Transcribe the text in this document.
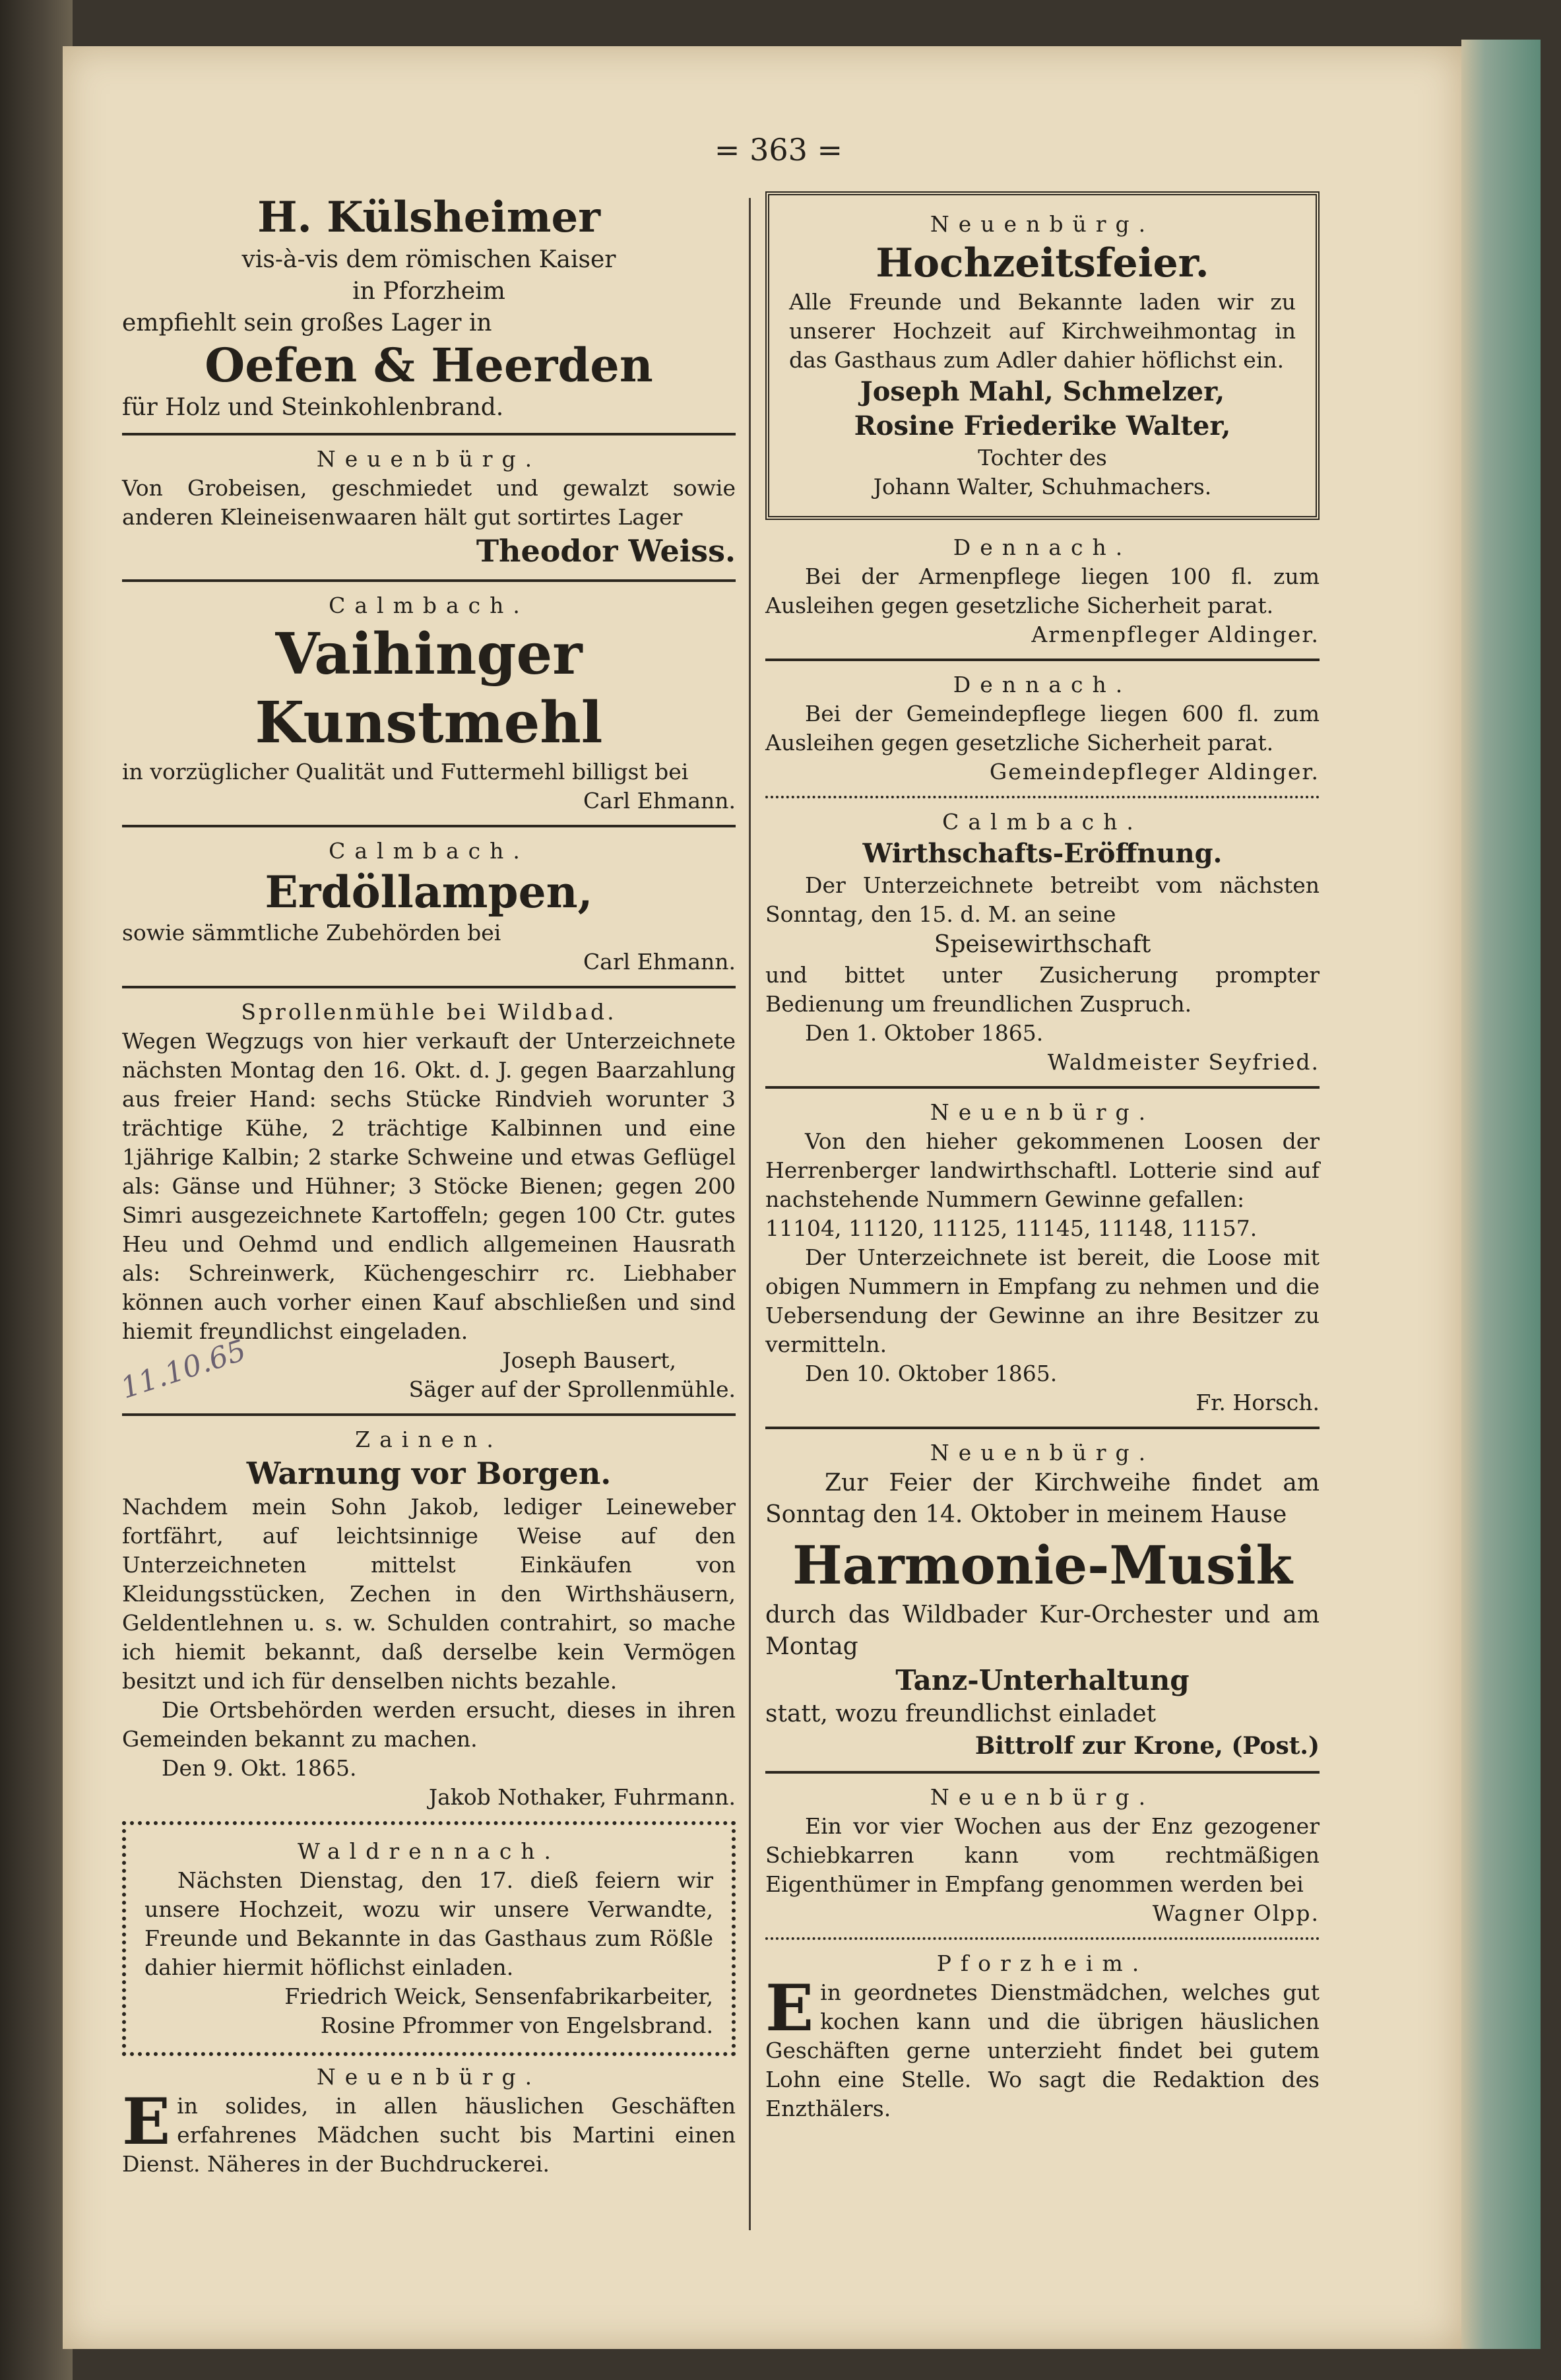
= 363 =
11.10.65

H. Külsheimer

vis-à-vis dem römischen Kaiser

in Pforzheim

empfiehlt sein großes Lager in

Oefen & Heerden

für Holz und Steinkohlenbrand.

Neuenbürg.

Von Grobeisen, geschmiedet und gewalzt sowie anderen Kleineisenwaaren hält gut sortirtes Lager

Theodor Weiss.

Calmbach.

Vaihinger Kunstmehl

in vorzüglicher Qualität und Futtermehl billigst bei

Carl Ehmann.

Calmbach.

Erdöllampen,

sowie sämmtliche Zubehörden bei

Carl Ehmann.

Sprollenmühle bei Wildbad.

Wegen Wegzugs von hier verkauft der Unterzeichnete nächsten Montag den 16. Okt. d. J. gegen Baarzahlung aus freier Hand: sechs Stücke Rindvieh worunter 3 trächtige Kühe, 2 trächtige Kalbinnen und eine 1jährige Kalbin; 2 starke Schweine und etwas Geflügel als: Gänse und Hühner; 3 Stöcke Bienen; gegen 200 Simri ausgezeichnete Kartoffeln; gegen 100 Ctr. gutes Heu und Oehmd und endlich allgemeinen Hausrath als: Schreinwerk, Küchengeschirr rc. Liebhaber können auch vorher einen Kauf abschließen und sind hiemit freundlichst eingeladen.

Joseph Bausert,

Säger auf der Sprollenmühle.

Zainen.

Warnung vor Borgen.

Nachdem mein Sohn Jakob, lediger Leineweber fortfährt, auf leichtsinnige Weise auf den Unterzeichneten mittelst Einkäufen von Kleidungsstücken, Zechen in den Wirthshäusern, Geldentlehnen u. s. w. Schulden contrahirt, so mache ich hiemit bekannt, daß derselbe kein Vermögen besitzt und ich für denselben nichts bezahle.

Die Ortsbehörden werden ersucht, dieses in ihren Gemeinden bekannt zu machen.

Den 9. Okt. 1865.

Jakob Nothaker, Fuhrmann.

Waldrennach.

Nächsten Dienstag, den 17. dieß feiern wir unsere Hochzeit, wozu wir unsere Verwandte, Freunde und Bekannte in das Gasthaus zum Rößle dahier hiermit höflichst einladen.

Friedrich Weick, Sensenfabrikarbeiter,

Rosine Pfrommer von Engelsbrand.

Neuenbürg.

Ein solides, in allen häuslichen Geschäften erfahrenes Mädchen sucht bis Martini einen Dienst. Näheres in der Buchdruckerei.

Neuenbürg.

Hochzeitsfeier.

Alle Freunde und Bekannte laden wir zu unserer Hochzeit auf Kirchweihmontag in das Gasthaus zum Adler dahier höflichst ein.

Joseph Mahl, Schmelzer,

Rosine Friederike Walter,

Tochter des

Johann Walter, Schuhmachers.

Dennach.

Bei der Armenpflege liegen 100 fl. zum Ausleihen gegen gesetzliche Sicherheit parat.

Armenpfleger Aldinger.

Dennach.

Bei der Gemeindepflege liegen 600 fl. zum Ausleihen gegen gesetzliche Sicherheit parat.

Gemeindepfleger Aldinger.

Calmbach.

Wirthschafts-Eröffnung.

Der Unterzeichnete betreibt vom nächsten Sonntag, den 15. d. M. an seine

Speisewirthschaft

und bittet unter Zusicherung prompter Bedienung um freundlichen Zuspruch.

Den 1. Oktober 1865.

Waldmeister Seyfried.

Neuenbürg.

Von den hieher gekommenen Loosen der Herrenberger landwirthschaftl. Lotterie sind auf nachstehende Nummern Gewinne gefallen:

11104, 11120, 11125, 11145, 11148, 11157.

Der Unterzeichnete ist bereit, die Loose mit obigen Nummern in Empfang zu nehmen und die Uebersendung der Gewinne an ihre Besitzer zu vermitteln.

Den 10. Oktober 1865.

Fr. Horsch.

Neuenbürg.

Zur Feier der Kirchweihe findet am Sonntag den 14. Oktober in meinem Hause

Harmonie-Musik

durch das Wildbader Kur-Orchester und am Montag

Tanz-Unterhaltung

statt, wozu freundlichst einladet

Bittrolf zur Krone, (Post.)

Neuenbürg.

Ein vor vier Wochen aus der Enz gezogener Schiebkarren kann vom rechtmäßigen Eigenthümer in Empfang genommen werden bei

Wagner Olpp.

Pforzheim.

Ein geordnetes Dienstmädchen, welches gut kochen kann und die übrigen häuslichen Geschäften gerne unterzieht findet bei gutem Lohn eine Stelle. Wo sagt die Redaktion des Enzthälers.
